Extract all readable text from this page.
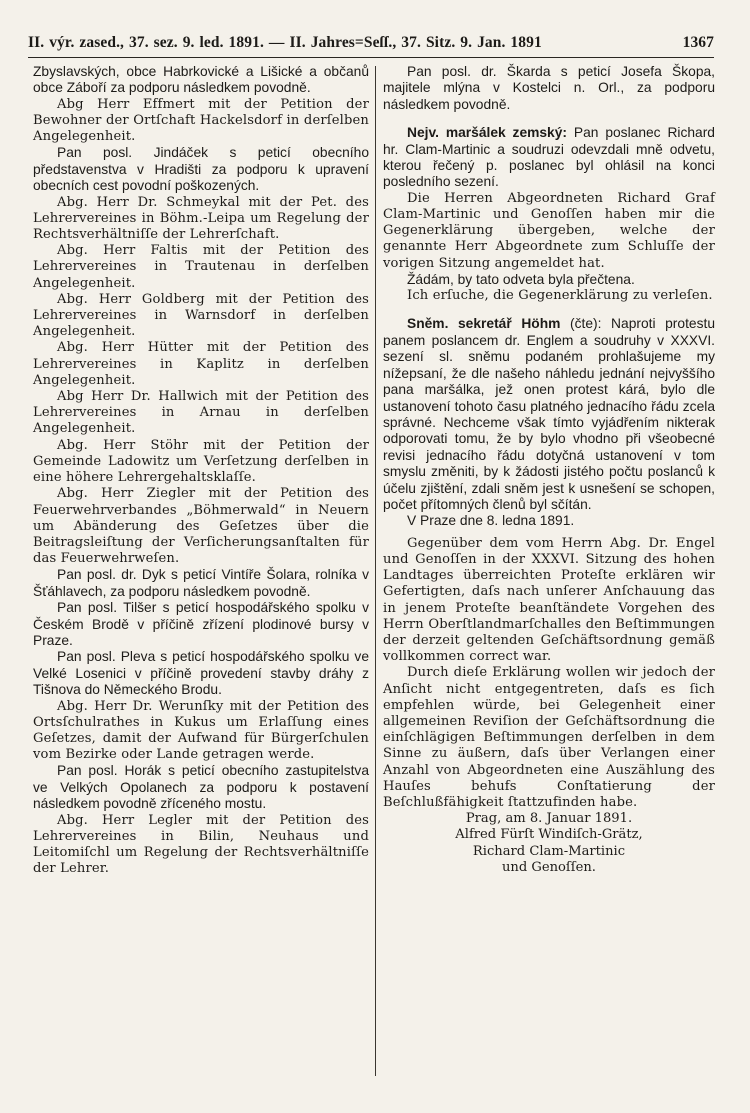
II. výr. zased., 37. sez. 9. led. 1891. — II. Jahres=Seſſ., 37. Sitz. 9. Jan. 1891	1367

Zbyslavských, obce Habrkovické a Lišické a občanů obce Záboří za podporu následkem povodně.

Abg Herr Effmert mit der Petition der Bewohner der Ortſchaft Hackelsdorf in derſelben Angelegenheit.

Pan posl. Jindáček s peticí obecního představenstva v Hradišti za podporu k upravení obecních cest povodní poškozených.

Abg. Herr Dr. Schmeykal mit der Pet. des Lehrervereines in Böhm.-Leipa um Regelung der Rechtsverhältniſſe der Lehrerſchaft.

Abg. Herr Faltis mit der Petition des Lehrervereines in Trautenau in derſelben Angelegenheit.

Abg. Herr Goldberg mit der Petition des Lehrervereines in Warnsdorf in derſelben Angelegenheit.

Abg. Herr Hütter mit der Petition des Lehrervereines in Kaplitz in derſelben Angelegenheit.

Abg Herr Dr. Hallwich mit der Petition des Lehrervereines in Arnau in derſelben Angelegenheit.

Abg. Herr Stöhr mit der Petition der Gemeinde Ladowitz um Verſetzung derſelben in eine höhere Lehrergehaltsklaſſe.

Abg. Herr Ziegler mit der Petition des Feuerwehrverbandes „Böhmerwald“ in Neuern um Abänderung des Geſetzes über die Beitragsleiſtung der Verſicherungsanſtalten für das Feuerwehrweſen.

Pan posl. dr. Dyk s peticí Vintíře Šolara, rolníka v Šťáhlavech, za podporu následkem povodně.

Pan posl. Tilšer s peticí hospodářského spolku v Českém Brodě v příčině zřízení plodinové bursy v Praze.

Pan posl. Pleva s peticí hospodářského spolku ve Velké Losenici v příčině provedení stavby dráhy z Tišnova do Německého Brodu.

Abg. Herr Dr. Werunſky mit der Petition des Ortsſchulrathes in Kukus um Erlaſſung eines Geſetzes, damit der Aufwand für Bürgerſchulen vom Bezirke oder Lande getragen werde.

Pan posl. Horák s peticí obecního zastupitelstva ve Velkých Opolanech za podporu k postavení následkem povodně zříceného mostu.

Abg. Herr Legler mit der Petition des Lehrervereines in Bilin, Neuhaus und Leitomiſchl um Regelung der Rechtsverhältniſſe der Lehrer.

Pan posl. dr. Škarda s peticí Josefa Škopa, majitele mlýna v Kostelci n. Orl., za podporu následkem povodně.

Nejv. maršálek zemský: Pan poslanec Richard hr. Clam-Martinic a soudruzi odevzdali mně odvetu, kterou řečený p. poslanec byl ohlásil na konci posledního sezení.

Die Herren Abgeordneten Richard Graf Clam-Martinic und Genoſſen haben mir die Gegenerklärung übergeben, welche der genannte Herr Abgeordnete zum Schluſſe der vorigen Sitzung angemeldet hat.

Žádám, by tato odveta byla přečtena.

Ich erſuche, die Gegenerklärung zu verleſen.

Sněm. sekretář Höhm (čte): Naproti protestu panem poslancem dr. Englem a soudruhy v XXXVI. sezení sl. sněmu podaném prohlašujeme my nížepsaní, že dle našeho náhledu jednání nejvyššího pana maršálka, jež onen protest kárá, bylo dle ustanovení tohoto času platného jednacího řádu zcela správné. Nechceme však tímto vyjádřením nikterak odporovati tomu, že by bylo vhodno při všeobecné revisi jednacího řádu dotyčná ustanovení v tom smyslu změniti, by k žádosti jistého počtu poslanců k účelu zjištění, zdali sněm jest k usnešení se schopen, počet přítomných členů byl sčítán.

V Praze dne 8. ledna 1891.

Gegenüber dem vom Herrn Abg. Dr. Engel und Genoſſen in der XXXVI. Sitzung des hohen Landtages überreichten Proteſte erklären wir Gefertigten, daſs nach unſerer Anſchauung das in jenem Proteſte beanſtändete Vorgehen des Herrn Oberſtlandmarſchalles den Beſtimmungen der derzeit geltenden Geſchäftsordnung gemäß vollkommen correct war.

Durch dieſe Erklärung wollen wir jedoch der Anſicht nicht entgegentreten, daſs es ſich empfehlen würde, bei Gelegenheit einer allgemeinen Reviſion der Geſchäftsordnung die einſchlägigen Beſtimmungen derſelben in dem Sinne zu äußern, daſs über Verlangen einer Anzahl von Abgeordneten eine Auszählung des Hauſes behufs Conſtatierung der Beſchlußfähigkeit ſtattzufinden habe.

Prag, am 8. Januar 1891.

Alfred Fürſt Windiſch-Grätz,

Richard Clam-Martinic

und Genoſſen.
